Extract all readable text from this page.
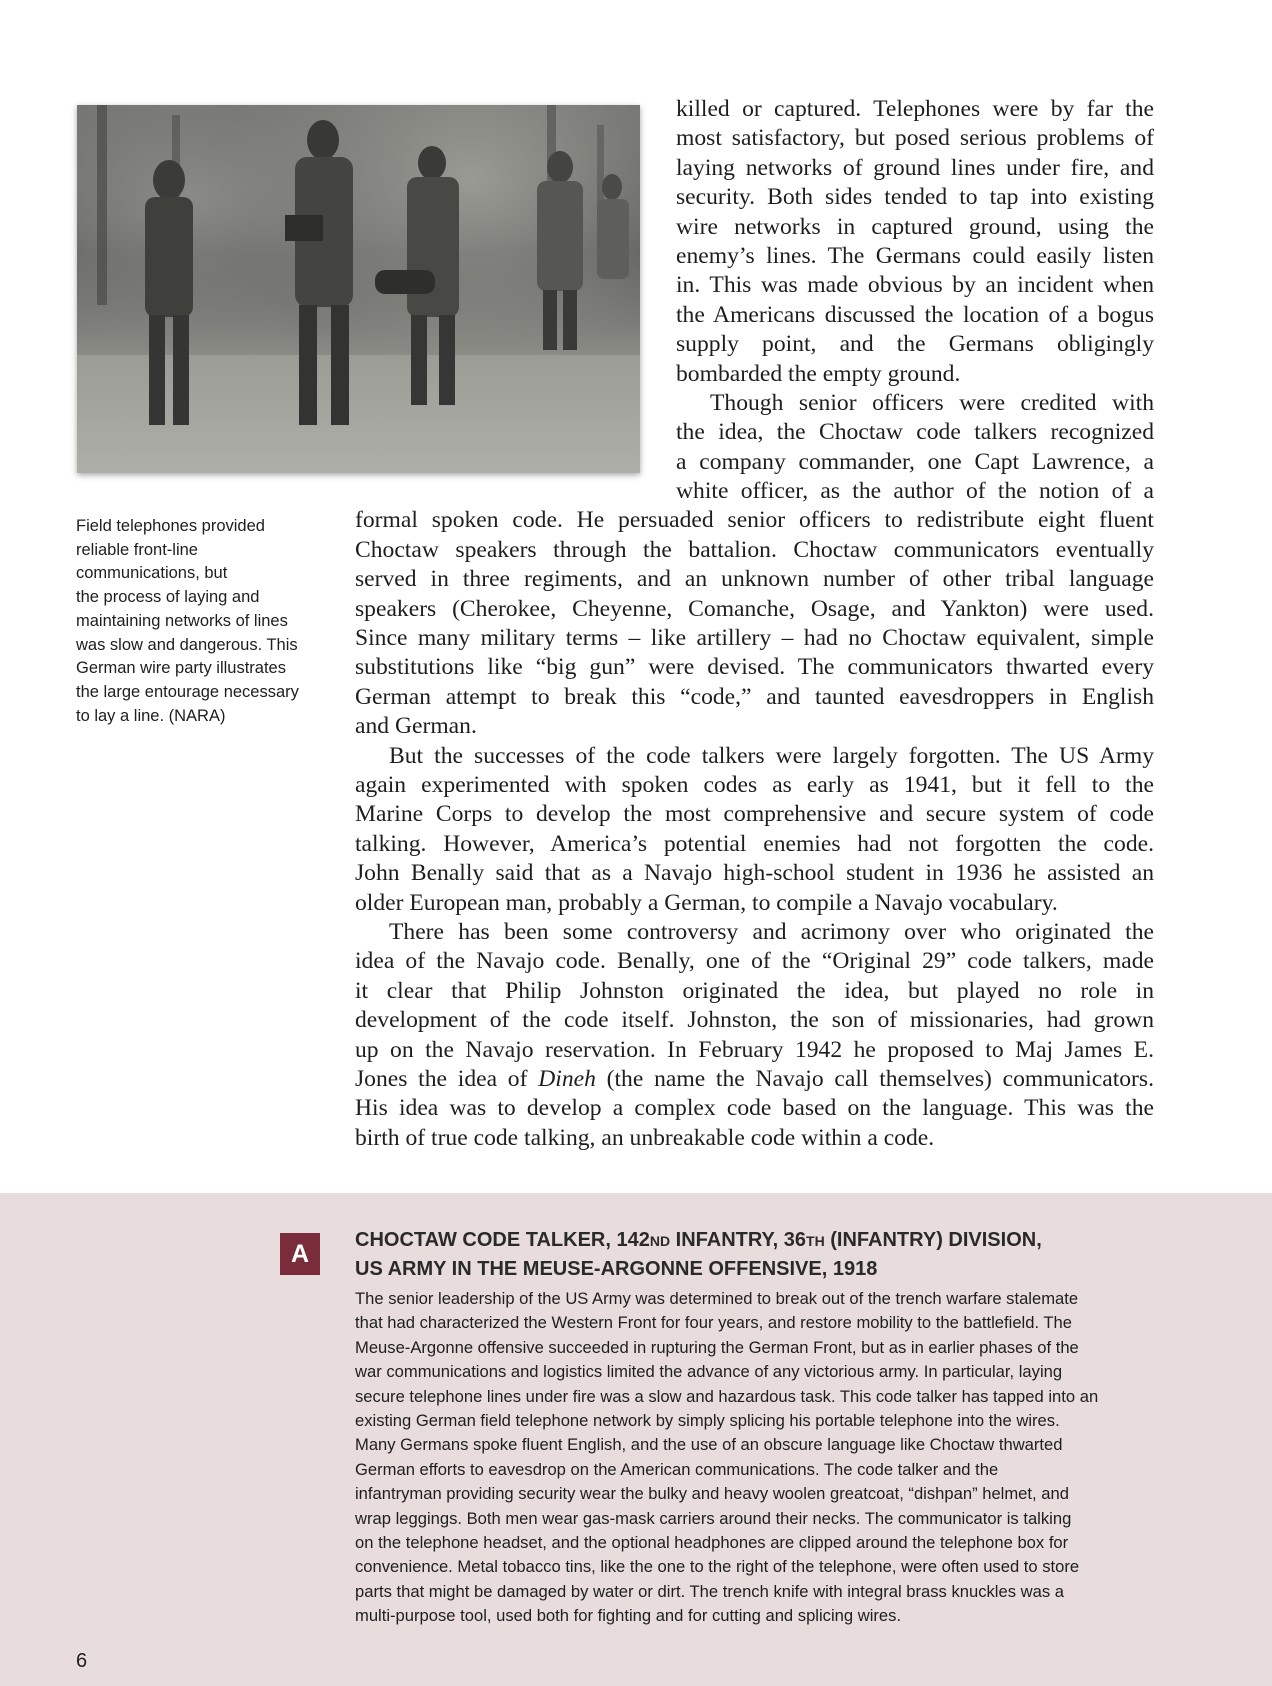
Field telephones provided
reliable front-line
communications, but
the process of laying and
maintaining networks of lines
was slow and dangerous. This
German wire party illustrates
the large entourage necessary
to lay a line. (NARA)
killed or captured. Telephones were by far the
most satisfactory, but posed serious problems of
laying networks of ground lines under fire, and
security. Both sides tended to tap into existing
wire networks in captured ground, using the
enemy’s lines. The Germans could easily listen
in. This was made obvious by an incident when
the Americans discussed the location of a bogus
supply point, and the Germans obligingly
bombarded the empty ground.
Though senior officers were credited with
the idea, the Choctaw code talkers recognized
a company commander, one Capt Lawrence, a
white officer, as the author of the notion of a
formal spoken code. He persuaded senior officers to redistribute eight fluent
Choctaw speakers through the battalion. Choctaw communicators eventually
served in three regiments, and an unknown number of other tribal language
speakers (Cherokee, Cheyenne, Comanche, Osage, and Yankton) were used.
Since many military terms – like artillery – had no Choctaw equivalent, simple
substitutions like “big gun” were devised. The communicators thwarted every
German attempt to break this “code,” and taunted eavesdroppers in English
and German.
But the successes of the code talkers were largely forgotten. The US Army
again experimented with spoken codes as early as 1941, but it fell to the
Marine Corps to develop the most comprehensive and secure system of code
talking. However, America’s potential enemies had not forgotten the code.
John Benally said that as a Navajo high-school student in 1936 he assisted an
older European man, probably a German, to compile a Navajo vocabulary.
There has been some controversy and acrimony over who originated the
idea of the Navajo code. Benally, one of the “Original 29” code talkers, made
it clear that Philip Johnston originated the idea, but played no role in
development of the code itself. Johnston, the son of missionaries, had grown
up on the Navajo reservation. In February 1942 he proposed to Maj James E.
Jones the idea of Dineh (the name the Navajo call themselves) communicators.
His idea was to develop a complex code based on the language. This was the
birth of true code talking, an unbreakable code within a code.
A	CHOCTAW CODE TALKER, 142ND INFANTRY, 36TH (INFANTRY) DIVISION,
US ARMY IN THE MEUSE-ARGONNE OFFENSIVE, 1918
The senior leadership of the US Army was determined to break out of the trench warfare stalemate
that had characterized the Western Front for four years, and restore mobility to the battlefield. The
Meuse-Argonne offensive succeeded in rupturing the German Front, but as in earlier phases of the
war communications and logistics limited the advance of any victorious army. In particular, laying
secure telephone lines under fire was a slow and hazardous task. This code talker has tapped into an
existing German field telephone network by simply splicing his portable telephone into the wires.
Many Germans spoke fluent English, and the use of an obscure language like Choctaw thwarted
German efforts to eavesdrop on the American communications. The code talker and the
infantryman providing security wear the bulky and heavy woolen greatcoat, “dishpan” helmet, and
wrap leggings. Both men wear gas-mask carriers around their necks. The communicator is talking
on the telephone headset, and the optional headphones are clipped around the telephone box for
convenience. Metal tobacco tins, like the one to the right of the telephone, were often used to store
parts that might be damaged by water or dirt. The trench knife with integral brass knuckles was a
multi-purpose tool, used both for fighting and for cutting and splicing wires.
6
